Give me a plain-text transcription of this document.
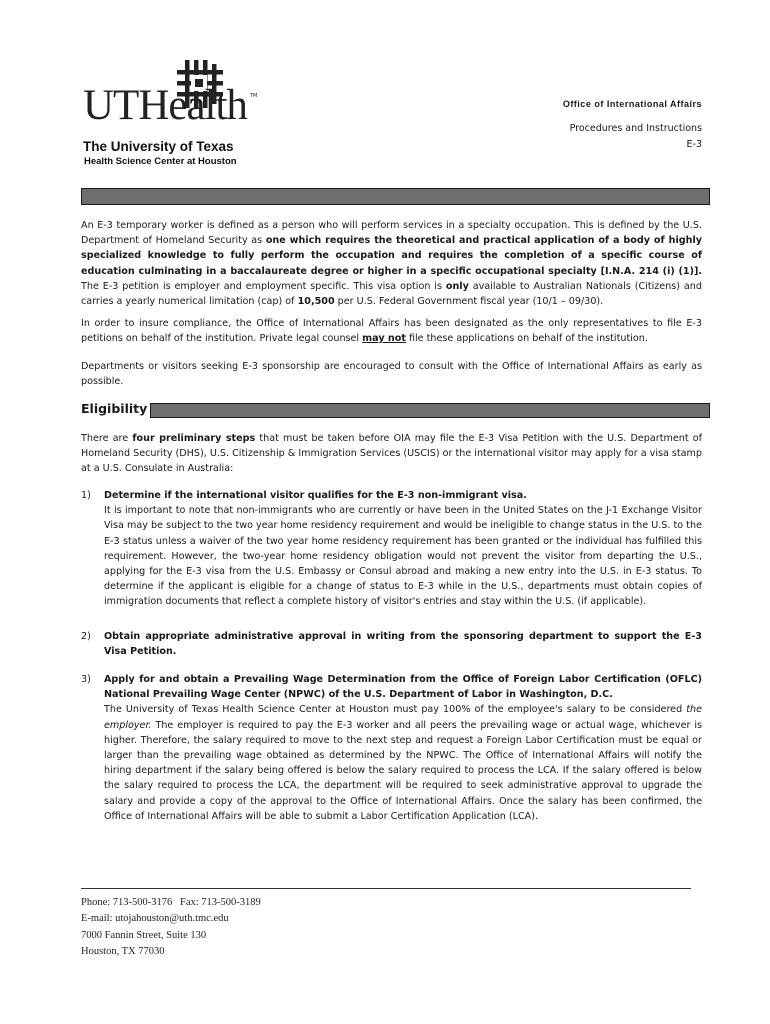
UTHealth TM
The University of Texas
Health Science Center at Houston
Office of International Affairs
Procedures and Instructions
E-3
An E-3 temporary worker is defined as a person who will perform services in a specialty occupation. This is defined by the U.S. Department of Homeland Security as one which requires the theoretical and practical application of a body of highly specialized knowledge to fully perform the occupation and requires the completion of a specific course of education culminating in a baccalaureate degree or higher in a specific occupational specialty [I.N.A. 214 (i) (1)]. The E-3 petition is employer and employment specific. This visa option is only available to Australian Nationals (Citizens) and carries a yearly numerical limitation (cap) of 10,500 per U.S. Federal Government fiscal year (10/1 – 09/30).
In order to insure compliance, the Office of International Affairs has been designated as the only representatives to file E-3 petitions on behalf of the institution. Private legal counsel may not file these applications on behalf of the institution.
Departments or visitors seeking E-3 sponsorship are encouraged to consult with the Office of International Affairs as early as possible.
Eligibility
There are four preliminary steps that must be taken before OIA may file the E-3 Visa Petition with the U.S. Department of Homeland Security (DHS), U.S. Citizenship & Immigration Services (USCIS) or the international visitor may apply for a visa stamp at a U.S. Consulate in Australia:
1) Determine if the international visitor qualifies for the E-3 non-immigrant visa.
It is important to note that non-immigrants who are currently or have been in the United States on the J-1 Exchange Visitor Visa may be subject to the two year home residency requirement and would be ineligible to change status in the U.S. to the E-3 status unless a waiver of the two year home residency requirement has been granted or the individual has fulfilled this requirement. However, the two-year home residency obligation would not prevent the visitor from departing the U.S., applying for the E-3 visa from the U.S. Embassy or Consul abroad and making a new entry into the U.S. in E-3 status. To determine if the applicant is eligible for a change of status to E-3 while in the U.S., departments must obtain copies of immigration documents that reflect a complete history of visitor's entries and stay within the U.S. (if applicable).
2) Obtain appropriate administrative approval in writing from the sponsoring department to support the E-3 Visa Petition.
3) Apply for and obtain a Prevailing Wage Determination from the Office of Foreign Labor Certification (OFLC) National Prevailing Wage Center (NPWC) of the U.S. Department of Labor in Washington, D.C.
The University of Texas Health Science Center at Houston must pay 100% of the employee's salary to be considered the employer. The employer is required to pay the E-3 worker and all peers the prevailing wage or actual wage, whichever is higher. Therefore, the salary required to move to the next step and request a Foreign Labor Certification must be equal or larger than the prevailing wage obtained as determined by the NPWC. The Office of International Affairs will notify the hiring department if the salary being offered is below the salary required to process the LCA. If the salary offered is below the salary required to process the LCA, the department will be required to seek administrative approval to upgrade the salary and provide a copy of the approval to the Office of International Affairs. Once the salary has been confirmed, the Office of International Affairs will be able to submit a Labor Certification Application (LCA).
Phone: 713-500-3176 Fax: 713-500-3189
E-mail: utojahouston@uth.tmc.edu
7000 Fannin Street, Suite 130
Houston, TX 77030
